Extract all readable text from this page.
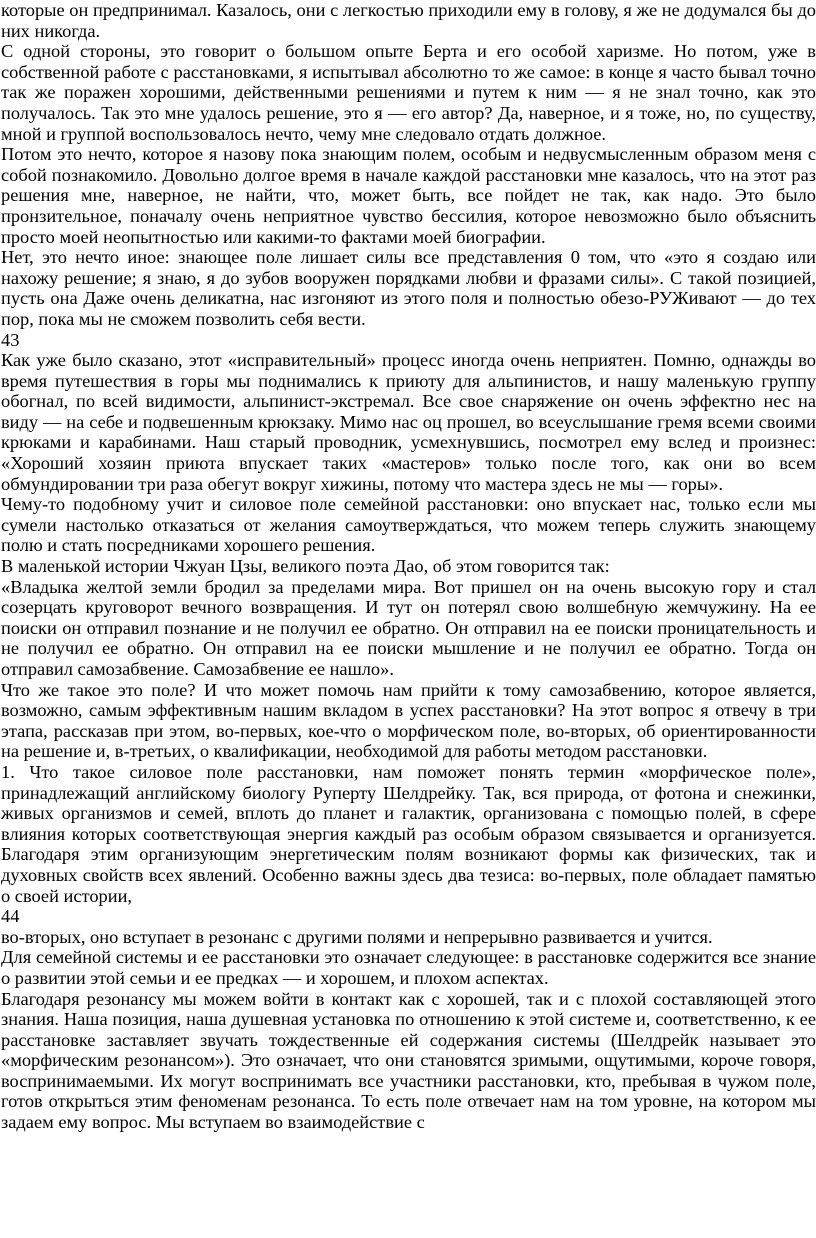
которые он предпринимал. Казалось, они с легкостью приходили ему в голову, я же не додумался бы до них никогда.

С одной стороны, это говорит о большом опыте Берта и его особой харизме. Но потом, уже в собственной работе с расстановками, я испытывал абсолютно то же самое: в конце я часто бывал точно так же поражен хорошими, действенными решениями и путем к ним — я не знал точно, как это получалось. Так это мне удалось решение, это я — его автор? Да, наверное, и я тоже, но, по существу, мной и группой воспользовалось нечто, чему мне следовало отдать должное.

Потом это нечто, которое я назову пока знающим полем, особым и недвусмысленным образом меня с собой познакомило. Довольно долгое время в начале каждой расстановки мне казалось, что на этот раз решения мне, наверное, не найти, что, может быть, все пойдет не так, как надо. Это было пронзительное, поначалу очень неприятное чувство бессилия, которое невозможно было объяснить просто моей неопытностью или какими-то фактами моей биографии.

Нет, это нечто иное: знающее поле лишает силы все представления 0 том, что «это я создаю или нахожу решение; я знаю, я до зубов вооружен порядками любви и фразами силы». С такой позицией, пусть она Даже очень деликатна, нас изгоняют из этого поля и полностью обезо-РУЖивают — до тех пор, пока мы не сможем позволить себя вести.

43

Как уже было сказано, этот «исправительный» процесс иногда очень неприятен. Помню, однажды во время путешествия в горы мы поднимались к приюту для альпинистов, и нашу маленькую группу обогнал, по всей видимости, альпинист-экстремал. Все свое снаряжение он очень эффектно нес на виду — на себе и подвешенным крюкзаку. Мимо нас оц прошел, во всеуслышание гремя всеми своими крюками и карабинами. Наш старый проводник, усмехнувшись, посмотрел ему вслед и произнес: «Хороший хозяин приюта впускает таких «мастеров» только после того, как они во всем обмундировании три раза обегут вокруг хижины, потому что мастера здесь не мы — горы».

Чему-то подобному учит и силовое поле семейной расстановки: оно впускает нас, только если мы сумели настолько отказаться от желания самоутверждаться, что можем теперь служить знающему полю и стать посредниками хорошего решения.

В маленькой истории Чжуан Цзы, великого поэта Дао, об этом говорится так:

«Владыка желтой земли бродил за пределами мира. Вот пришел он на очень высокую гору и стал созерцать круговорот вечного возвращения. И тут он потерял свою волшебную жемчужину. На ее поиски он отправил познание и не получил ее обратно. Он отправил на ее поиски проницательность и не получил ее обратно. Он отправил на ее поиски мышление и не получил ее обратно. Тогда он отправил самозабвение. Самозабвение ее нашло».

Что же такое это поле? И что может помочь нам прийти к тому самозабвению, которое является, возможно, самым эффективным нашим вкладом в успех расстановки? На этот вопрос я отвечу в три этапа, рассказав при этом, во-первых, кое-что о морфическом поле, во-вторых, об ориентированности на решение и, в-третьих, о квалификации, необходимой для работы методом расстановки.

1. Что такое силовое поле расстановки, нам поможет понять термин «морфическое поле», принадлежащий английскому биологу Руперту Шелдрейку. Так, вся природа, от фотона и снежинки, живых организмов и семей, вплоть до планет и галактик, организована с помощью полей, в сфере влияния которых соответствующая энергия каждый раз особым образом связывается и организуется. Благодаря этим организующим энергетическим полям возникают формы как физических, так и духовных свойств всех явлений. Особенно важны здесь два тезиса: во-первых, поле обладает памятью о своей истории,

44

во-вторых, оно вступает в резонанс с другими полями и непрерывно развивается и учится.

Для семейной системы и ее расстановки это означает следующее: в расстановке содержится все знание о развитии этой семьи и ее предках — и хорошем, и плохом аспектах.

Благодаря резонансу мы можем войти в контакт как с хорошей, так и с плохой составляющей этого знания. Наша позиция, наша душевная установка по отношению к этой системе и, соответственно, к ее расстановке заставляет звучать тождественные ей содержания системы (Шелдрейк называет это «морфическим резонансом»). Это означает, что они становятся зримыми, ощутимыми, короче говоря, воспринимаемыми. Их могут воспринимать все участники расстановки, кто, пребывая в чужом поле, готов открыться этим феноменам резонанса. То есть поле отвечает нам на том уровне, на котором мы задаем ему вопрос. Мы вступаем во взаимодействие с
